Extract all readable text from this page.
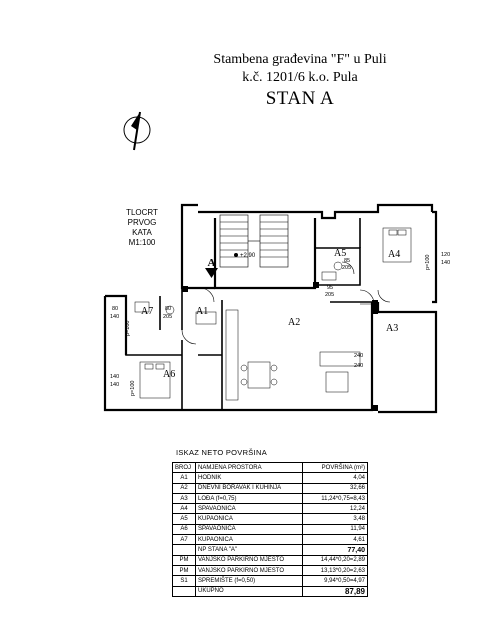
Stambena građevina "F" u Puli
k.č. 1201/6 k.o. Pula
STAN A
TLOCRT
PRVOG
KATA
M1:100
A
+2,90
A1
A2
A3
A4
A5
A6
A7
120
140
80
140
140
140
95
205
80
205
85
205
240
240
p=100
p=100
p=100
ISKAZ NETO POVRŠINA
BROJ	NAMJENA PROSTORA	POVRŠINA (m²)
A1	HODNIK	4,04
A2	DNEVNI BORAVAK I KUHINJA	32,66
A3	LOĐA (f=0,75)	11,24*0,75=8,43
A4	SPAVAONICA	12,24
A5	KUPAONICA	3,48
A6	SPAVAONICA	11,94
A7	KUPAONICA	4,61
	NP STANA "A"	77,40
PM	VANJSKO PARKIRNO MJESTO	14,44*0,20=2,89
PM	VANJSKO PARKIRNO MJESTO	13,13*0,20=2,63
S1	SPREMIŠTE (f=0,50)	9,94*0,50=4,97
	UKUPNO	87,89
